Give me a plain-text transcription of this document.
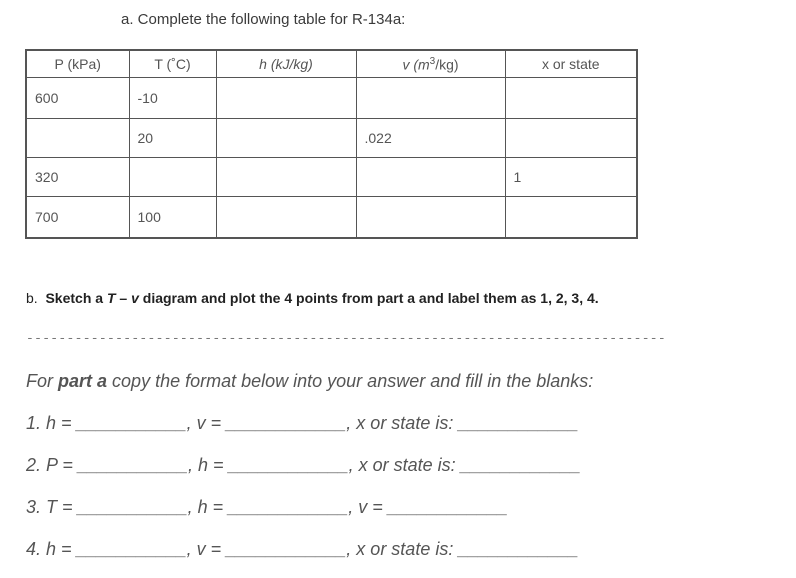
a. Complete the following table for R-134a:
P (kPa)	T (˚C)	h (kJ/kg)	v $(m^3/kg)$	x or state
600	-10			
	20		.022	
320				1
700	100			
b. Sketch a T – v diagram and plot the 4 points from part a and label them as 1, 2, 3, 4.
-------------------------------------------------------------------------------
For part a copy the format below into your answer and fill in the blanks:
1. h = ___________, v = ____________, x or state is: ____________
2. P = ___________, h = ____________, x or state is: ____________
3. T = ___________, h = ____________, v = ____________
4. h = ___________, v = ____________, x or state is: ____________
